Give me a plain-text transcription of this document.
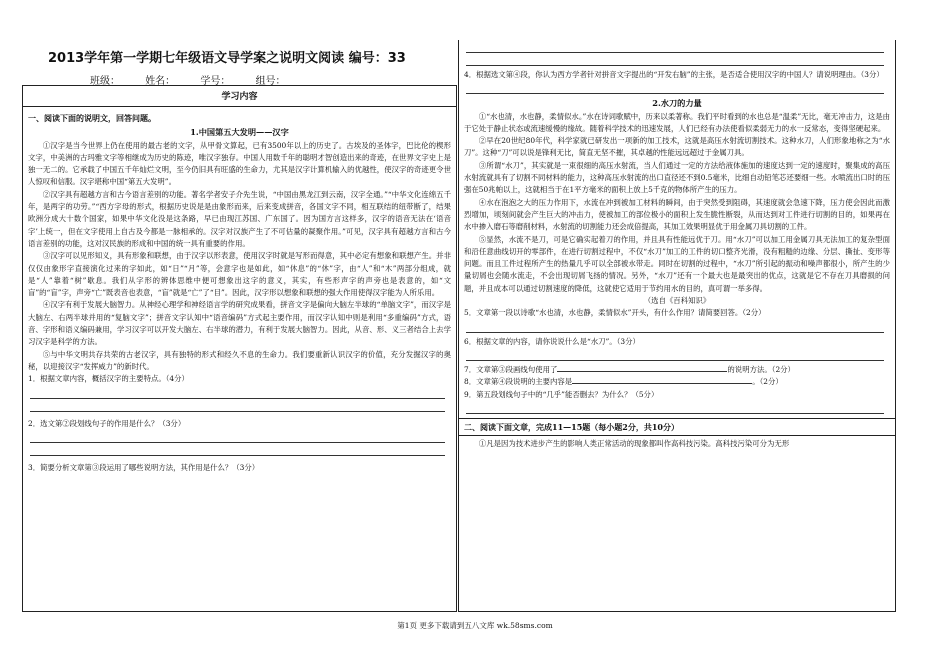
2013学年第一学期七年级语文导学案之说明文阅读 编号：33
班级：	姓名：	学号：	组号：
学习内容
一、阅读下面的说明文，回答问题。
1.中国第五大发明——汉字

①汉字是当今世界上仍在使用的最古老的文字，从甲骨文算起，已有3500年以上的历史了。古埃及的圣体字，巴比伦的楔形文字，中美洲的古玛雅文字等相继成为历史的陈迹，唯汉字独存。中国人用数千年的聪明才智创造出来的奇迹，在世界文字史上是独一无二的。它承载了中国五千年灿烂文明，至今仍旧具有旺盛的生命力，尤其是汉字计算机输入的优越性，使汉字的奇迹更令世人惊叹和信服。汉字堪称中国“第五大发明”。

②汉字具有超越方言和古今语言差别的功能。著名学者安子介先生说，“中国由黑龙江到云南，汉字全通。”“中华文化连绵五千年，是两字的功劳。”“西方字母的形式，根据历史说是是由象形而来，后来变成拼音，各国文字不同，相互联结的纽带断了，结果欧洲分成大十数个国家，如果中华文化没是这条路，早已由现江苏国、广东国了。因为国方言这样多，汉字的语音无法在‘语音字’上统一，但在文字使用上自古及今都是一脉相承的。汉字对汉族产生了不可估量的凝聚作用。”可见，汉字具有超越方言和古今语言差别的功能，这对汉民族的形成和中国的统一具有重要的作用。

③汉字可以见形知义，具有形象和联想，由于汉字以形表意，使用汉字时就是写形而得意，其中必定有想象和联想产生。并非仅仅由象形字直接演化过来的字如此，如“日”“月”等，会意字也是如此，如“休息”的“休”字，由“人”和“木”两部分组成，就是“人”靠着“树”歇息。我们从字形的辨体思维中便可想象出这字的意义，其实，有些形声字的声旁也是表意的，如“文盲”的“盲”字，声旁“亡”既表音也表意，“盲”就是“亡”了“目”。因此，汉字形以想象和联想的强大作用使得汉字能为人所乐用。

④汉字有利于发展大脑智力。从神经心理学和神经语言学的研究成果看，拼音文字是偏向大脑左半球的“单脑文字”，而汉字是大脑左、右两半球并用的“复脑文字”；拼音文字认知中“语音编码”方式起主要作用，而汉字认知中则是利用“多重编码”方式，语音、字形和语义编码兼用，学习汉字可以开发大脑左、右半球的潜力，有利于发展大脑智力。因此，从音、形、义三者结合上去学习汉字是科学的方法。

⑤与中华文明共存共荣的古老汉字，具有独特的形式和经久不息的生命力。我们要重新认识汉字的价值，充分发掘汉字的奥秘，以迎接汉字“发挥威力”的新时代。

1．根据文章内容，概括汉字的主要特点。（4分）
2．选文第②段划线句子的作用是什么？（3分）
3．简要分析文章第③段运用了哪些说明方法，其作用是什么？（3分）
4．根据选文第④段，你认为西方学者针对拼音文字提出的“开发右脑”的主张，是否适合使用汉字的中国人？请说明理由。（3分）
2.水刀的力量

①“水也清，水也静，柔情似水。”水在诗词歌赋中，历来以柔著称。我们平时看到的水也总是“温柔”无比，毫无冲击力，这是由于它处于静止状态或流速缓慢的缘故。随着科学技术的迅速发展，人们已经有办法使看似柔弱无力的水一反常态，变得坚硬起来。

②早在20世纪80年代，科学家就已研发出一项新的加工技术，这就是高压水射流切割技术。这种水刀，人们形象地称之为“水刀”。这种“刀”可以说是锋利无比，简直无坚不摧，其卓越的性能远远超过于金属刀具。

③所谓“水刀”，其实就是一束很细的高压水射流，当人们通过一定的方法给液体施加的速度达到一定的速度时，聚集成的高压水射流就具有了切割不同材料的能力，这种高压水射流的出口直径还不到0.5毫米，比细自动铅笔芯还要细一些。水喷流出口时的压强在50兆帕以上，这就相当于在1平方毫米的面积上放上5千克的物体所产生的压力。

④水在泡泡之大的压力作用下，水流在冲到被加工材料的瞬间，由于突然受到阻碍，其速度就会急速下降，压力使会因此而激烈增加，顷刻间就会产生巨大的冲击力，使被加工的部位极小的面积上发生脆性断裂，从而达到对工件进行切割的目的，如果再在水中掺入磨石等磨削材料，水射流的切割能力还会成倍提高，其加工效果明显优于用金属刀具切割的工件。

⑤显然，水流不是刀，可是它确实起着刀的作用，并且具有性能远优于刀。用“水刀”可以加工用金属刀具无法加工的复杂型面和沿任意曲线切开的零部件，在进行切割过程中，不仅“水刀”加工的工件的切口整齐光滑，没有粗糙的边缘、分层、撕扯、变形等问题。而且工件过程所产生的热量几乎可以全部被水带走。同时在切割的过程中，“水刀”所引起的振动和噪声都很小，所产生的少量切屑也会随水流走，不会出现切屑飞扬的情况。另外，“水刀”还有一个最大也是最突出的优点，这就是它不存在刀具磨损的问题，并且成本可以通过切割速度的降低，这就使它适用于节约用水的目的，真可谓一举多得。

（选自《百科知识》
5．文章第一段以诗歌“水也清，水也静，柔情似水”开头，有什么作用？请简要回答。（2分）
6．根据文章的内容，请你说说什么是“水刀”。（3分）
7．文章第③段画线句使用了	的说明方法。（2分）
8．文章第④段说明的主要内容是	。（2分）
9．第五段划线句子中的“几乎”能否删去？为什么？（5分）
二、阅读下面文章，完成11—15题（每小题2分，共10分）

①凡是因为技术进步产生的影响人类正常活动的现象都叫作高科技污染。高科技污染可分为无形

第1页 更多下载请到五八文库 wk.58sms.com
